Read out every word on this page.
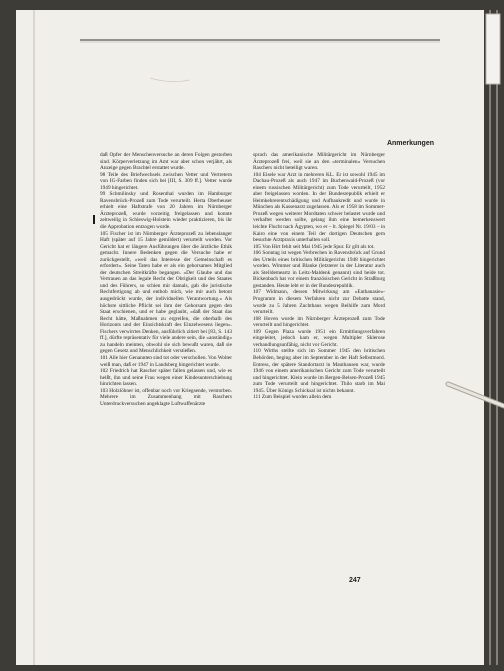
Anmerkungen

daß Opfer der Menschenversuche an deren Folgen gestorben sind. Körperverletzung im Amt war aber schon verjährt, als Anzeige gegen Brachtel erstattet wurde.

98 Teile des Briefwechsels zwischen Vetter und Vertretern von IG-Farben finden sich bei [III, S. 309 ff.]. Vetter wurde 1949 hingerichtet.

99 Schmilinsky und Rosenthal wurden im Hamburger Ravensbrück-Prozeß zum Tode verurteilt. Herta Oberheuser erhielt eine Haftstrafe von 20 Jahren im Nürnberger Ärzteprozeß, wurde vorzeitig freigelassen und konnte zeitweilig in Schleswig-Holstein wieder praktizieren, bis ihr die Approbation entzogen wurde.

105 Fischer ist im Nürnberger Ärzteprozeß zu lebenslanger Haft (später auf 15 Jahre gemildert) verurteilt worden. Vor Gericht hat er längere Ausführungen über die ärztliche Ethik gemacht. Innere Bedenken gegen die Versuche habe er zurückgestellt, »weil das Interesse der Gemeinschaft es erfordert«. Seine Taten habe er als ein gehorsames Mitglied der deutschen Streitkräfte begangen. »Der Glaube und das Vertrauen an das legale Recht der Obrigkeit und des Staates und des Führers, so schien mir damals, gab die juristische Rechtfertigung ab und enthob mich, wie mir auch betont ausgedrückt wurde, der individuellen Verantwortung.« Als höchste sittliche Pflicht sei ihm der Gehorsam gegen den Staat erschienen, und er habe geglaubt, »daß der Staat das Recht hätte, Maßnahmen zu ergreifen, die oberhalb des Horizonts und der Einsichtskraft des Einzelwesens liegen«. Fischers verwirrtes Denken, ausführlich zitiert bei [83, S. 143 ff.], dürfte repräsentativ für viele andere sein, die »anständig« zu handeln meinten, obwohl sie sich bewußt waren, daß sie gegen Gesetz und Menschlichkeit verstießen.

101 Alle hier Genannten sind tot oder verschollen. Von Wolter weiß man, daß er 1947 in Landsberg hingerichtet wurde.

102 Friedrich hat Rascher später fallen gelassen und, wie es heißt, ihn und seine Frau wegen einer Kindesunterschiebung hinrichten lassen.

103 Holzlöhner ist, offenbar noch vor Kriegsende, verstorben. Mehrere im Zusammenhang mit Raschers Unterdruckversuchen angeklagte Luftwaffenärzte

sprach das amerikanische Militärgericht im Nürnberger Ärzteprozeß frei, weil sie an den »terminalen« Versuchen Raschers nicht beteiligt waren.

104 Eisele war Arzt in mehreren KL. Er ist sowohl 1945 im Dachau-Prozeß als auch 1947 im Buchenwald-Prozeß (vor einem russischen Militärgericht) zum Tode verurteilt, 1952 aber freigelassen worden. In der Bundesrepublik erhielt er Heimkehrerentschädigung und Aufbaukredit und wurde in München als Kassenarzt zugelassen. Als er 1958 im Sommer-Prozeß wegen weiterer Mordtaten schwer belastet wurde und verhaftet werden sollte, gelang ihm eine bemerkenswert leichte Flucht nach Ägypten, wo er – lt. Spiegel Nr. 19/03 – in Kairo eine von einem Teil der dortigen Deutschen gern besuchte Arztpraxis unterhalten soll.

105 Von Hirt fehlt seit Mai 1945 jede Spur. Er gilt als tot.

106 Sonntag ist wegen Verbrechen in Ravensbrück auf Grund des Urteils eines britischen Militärgerichts 1948 hingerichtet worden. Wimmer und Blanke (letzterer in der Literatur auch als Stelldemeartz in Leitz-Maldenk genannt) sind beide tot. Bickenbach hat vor einem französischen Gericht in Straßburg gestanden. Heute lebt er in der Bundesrepublik.

107 Widmann, dessen Mitwirkung am »Euthanasie«-Programm in diesem Verfahren nicht zur Debatte stand, wurde zu 5 Jahren Zuchthaus wegen Beihilfe zum Mord verurteilt.

108 Hoven wurde im Nürnberger Ärzteprozeß zum Tode verurteilt und hingerichtet.

109 Gegen Plaza wurde 1951 ein Ermittlungsverfahren eingeleitet, jedoch kam er, wegen Multipler Sklerose verhandlungsunfähig, nicht vor Gericht.

110 Wirths stellte sich im Sommer 1945 den britischen Behörden, beging aber im September in der Haft Selbstmord. Entress, der spätere Standortarzt in Mauthausen war, wurde 1946 von einem amerikanischen Gericht zum Tode verurteilt und hingerichtet. Klein wurde im Bergen-Belsen-Prozeß 1945 zum Tode verurteilt und hingerichtet. Thilo starb im Mai 1945. Über Königs Schicksal ist nichts bekannt.

111 Zum Beispiel wurden allein dem

247
